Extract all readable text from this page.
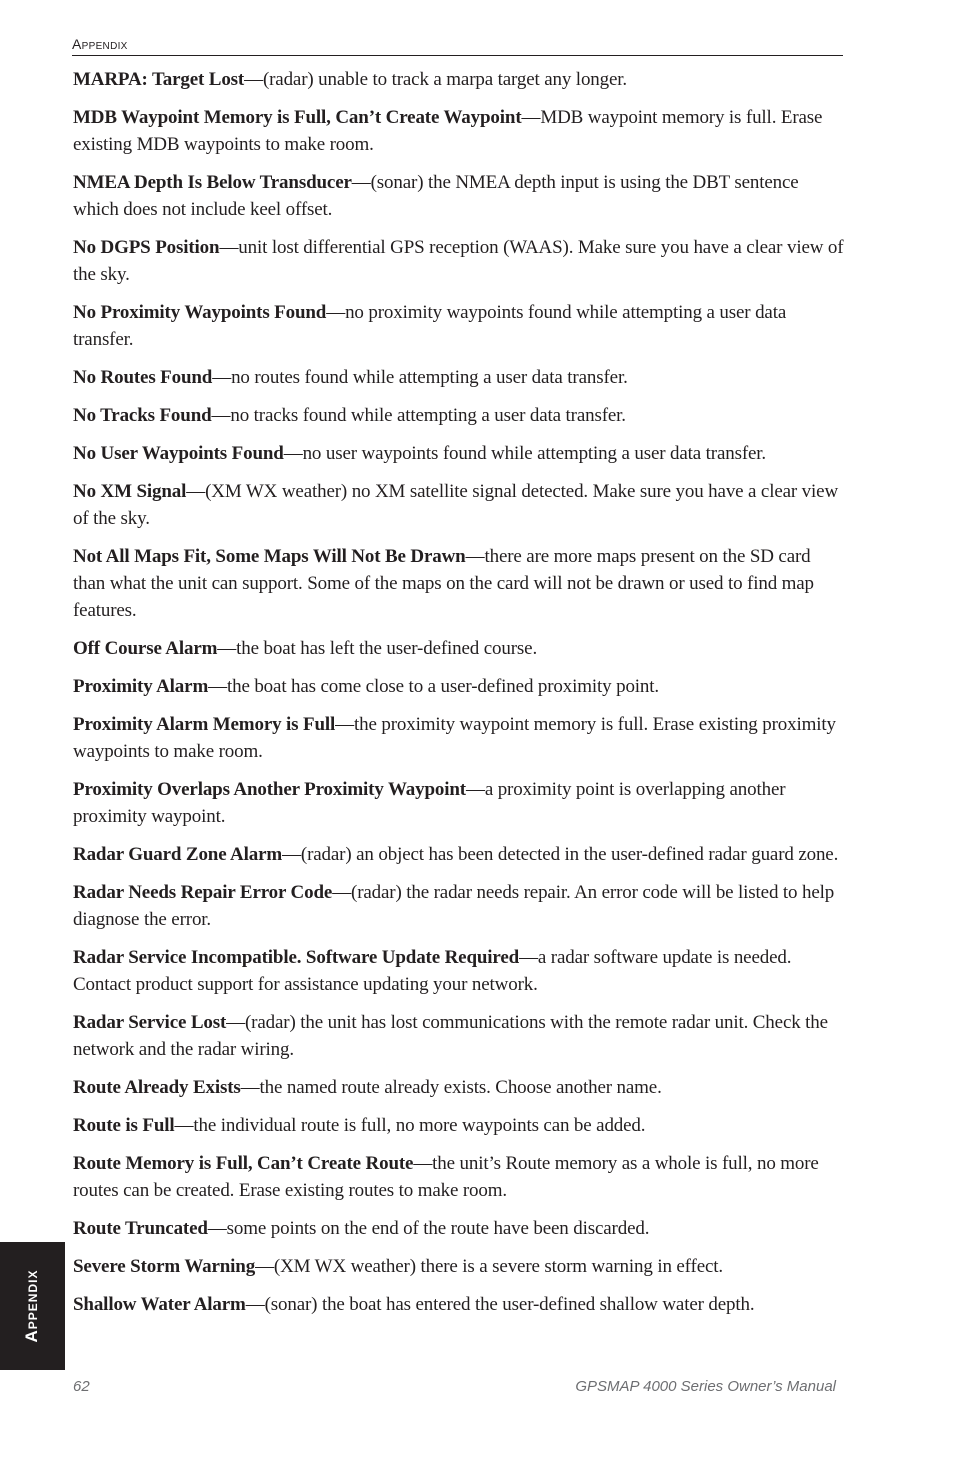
Appendix

MARPA: Target Lost—(radar) unable to track a marpa target any longer.

MDB Waypoint Memory is Full, Can’t Create Waypoint—MDB waypoint memory is full. Erase existing MDB waypoints to make room.

NMEA Depth Is Below Transducer—(sonar) the NMEA depth input is using the DBT sentence which does not include keel offset.

No DGPS Position—unit lost differential GPS reception (WAAS). Make sure you have a clear view of the sky.

No Proximity Waypoints Found—no proximity waypoints found while attempting a user data transfer.

No Routes Found—no routes found while attempting a user data transfer.

No Tracks Found—no tracks found while attempting a user data transfer.

No User Waypoints Found—no user waypoints found while attempting a user data transfer.

No XM Signal—(XM WX weather) no XM satellite signal detected. Make sure you have a clear view of the sky.

Not All Maps Fit, Some Maps Will Not Be Drawn—there are more maps present on the SD card than what the unit can support. Some of the maps on the card will not be drawn or used to find map features.

Off Course Alarm—the boat has left the user-defined course.

Proximity Alarm—the boat has come close to a user-defined proximity point.

Proximity Alarm Memory is Full—the proximity waypoint memory is full. Erase existing proximity waypoints to make room.

Proximity Overlaps Another Proximity Waypoint—a proximity point is overlapping another proximity waypoint.

Radar Guard Zone Alarm—(radar) an object has been detected in the user-defined radar guard zone.

Radar Needs Repair Error Code—(radar) the radar needs repair. An error code will be listed to help diagnose the error.

Radar Service Incompatible. Software Update Required—a radar software update is needed. Contact product support for assistance updating your network.

Radar Service Lost—(radar) the unit has lost communications with the remote radar unit. Check the network and the radar wiring.

Route Already Exists—the named route already exists. Choose another name.

Route is Full—the individual route is full, no more waypoints can be added.

Route Memory is Full, Can’t Create Route—the unit’s Route memory as a whole is full, no more routes can be created. Erase existing routes to make room.

Route Truncated—some points on the end of the route have been discarded.

Severe Storm Warning—(XM WX weather) there is a severe storm warning in effect.

Shallow Water Alarm—(sonar) the boat has entered the user-defined shallow water depth.

Appendix
62	GPSMAP 4000 Series Owner’s Manual
